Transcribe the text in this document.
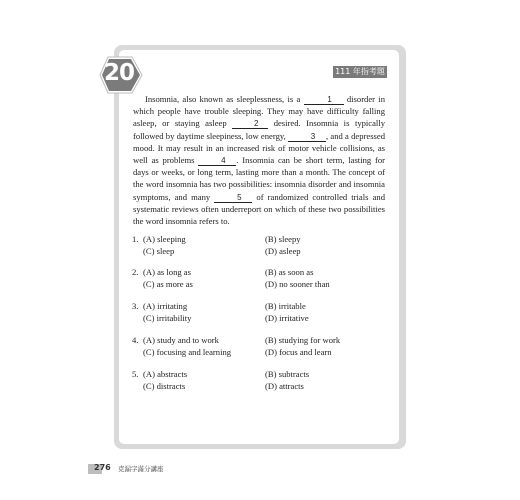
20	111 年指考題

Insomnia, also known as sleeplessness, is a	1 disorder in which people have trouble sleeping. They may have difficulty falling asleep, or staying asleep	2 desired. Insomnia is typically followed by daytime sleepiness, low energy,	3 , and a depressed mood. It may result in an increased risk of motor vehicle collisions, as well as problems	4 . Insomnia can be short term, lasting for days or weeks, or long term, lasting more than a month. The concept of the word insomnia has two possibilities: insomnia disorder and insomnia symptoms, and many	5 of randomized controlled trials and systematic reviews often underreport on which of these two possibilities the word insomnia refers to.

1. (A) sleeping	(B) sleepy
(C) sleep	(D) asleep
2. (A) as long as	(B) as soon as
(C) as more as	(D) no sooner than
3. (A) irritating	(B) irritable
(C) irritability	(D) irritative
4. (A) study and to work	(B) studying for work
(C) focusing and learning	(D) focus and learn
5. (A) abstracts	(B) subtracts
(C) distracts	(D) attracts
276 克漏字滿分講座
